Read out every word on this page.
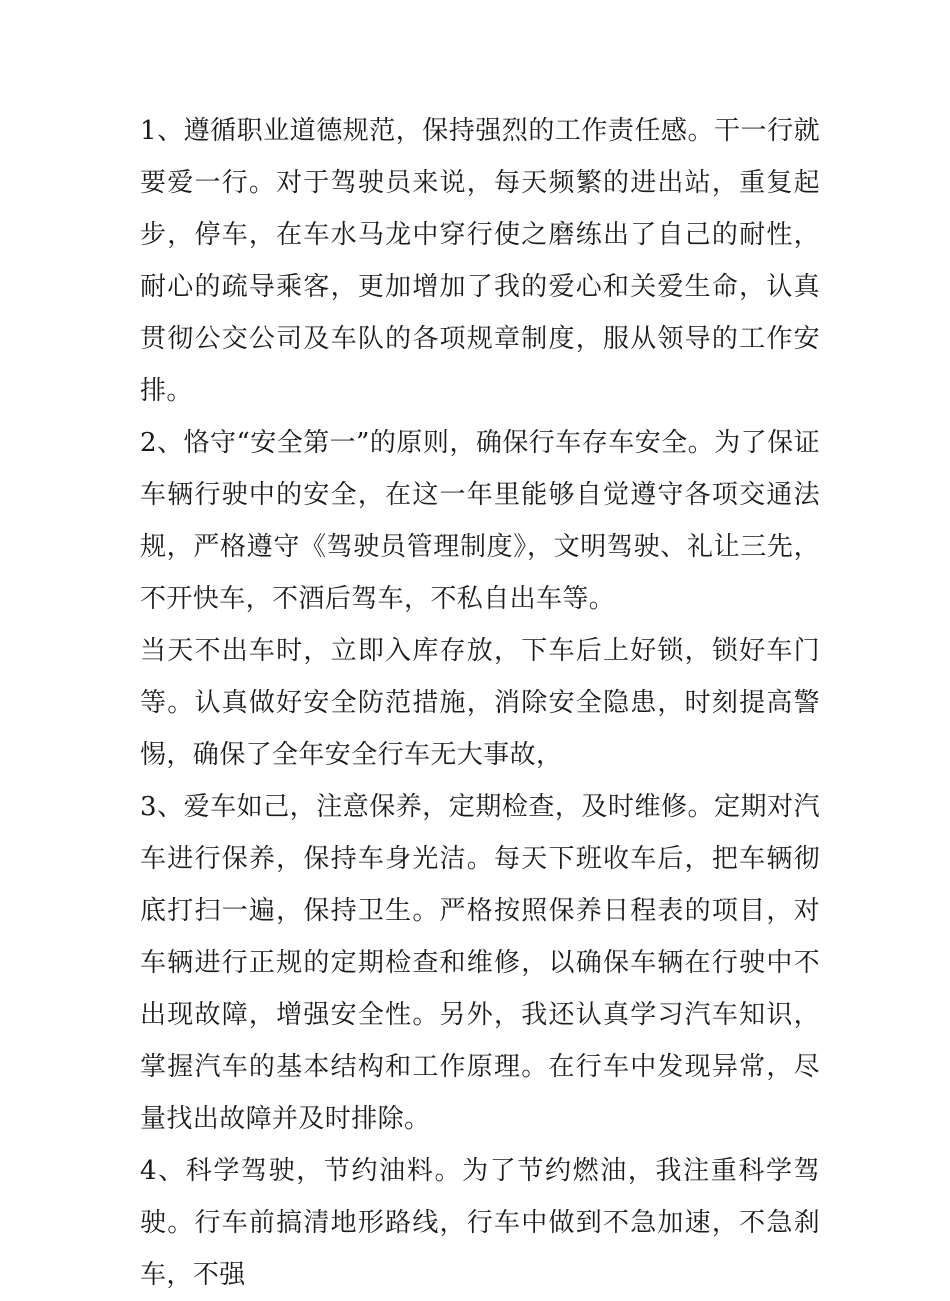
1、遵循职业道德规范，保持强烈的工作责任感。干一行就要爱一行。对于驾驶员来说，每天频繁的进出站，重复起步，停车，在车水马龙中穿行使之磨练出了自己的耐性，耐心的疏导乘客，更加增加了我的爱心和关爱生命，认真贯彻公交公司及车队的各项规章制度，服从领导的工作安排。

2、恪守“安全第一”的原则，确保行车存车安全。为了保证车辆行驶中的安全，在这一年里能够自觉遵守各项交通法规，严格遵守《驾驶员管理制度》，文明驾驶、礼让三先，不开快车，不酒后驾车，不私自出车等。

当天不出车时，立即入库存放，下车后上好锁，锁好车门等。认真做好安全防范措施，消除安全隐患，时刻提高警惕，确保了全年安全行车无大事故，

3、爱车如己，注意保养，定期检查，及时维修。定期对汽车进行保养，保持车身光洁。每天下班收车后，把车辆彻底打扫一遍，保持卫生。严格按照保养日程表的项目，对车辆进行正规的定期检查和维修，以确保车辆在行驶中不出现故障，增强安全性。另外，我还认真学习汽车知识，掌握汽车的基本结构和工作原理。在行车中发现异常，尽量找出故障并及时排除。

4、科学驾驶，节约油料。为了节约燃油，我注重科学驾驶。行车前搞清地形路线，行车中做到不急加速，不急刹车，不强
